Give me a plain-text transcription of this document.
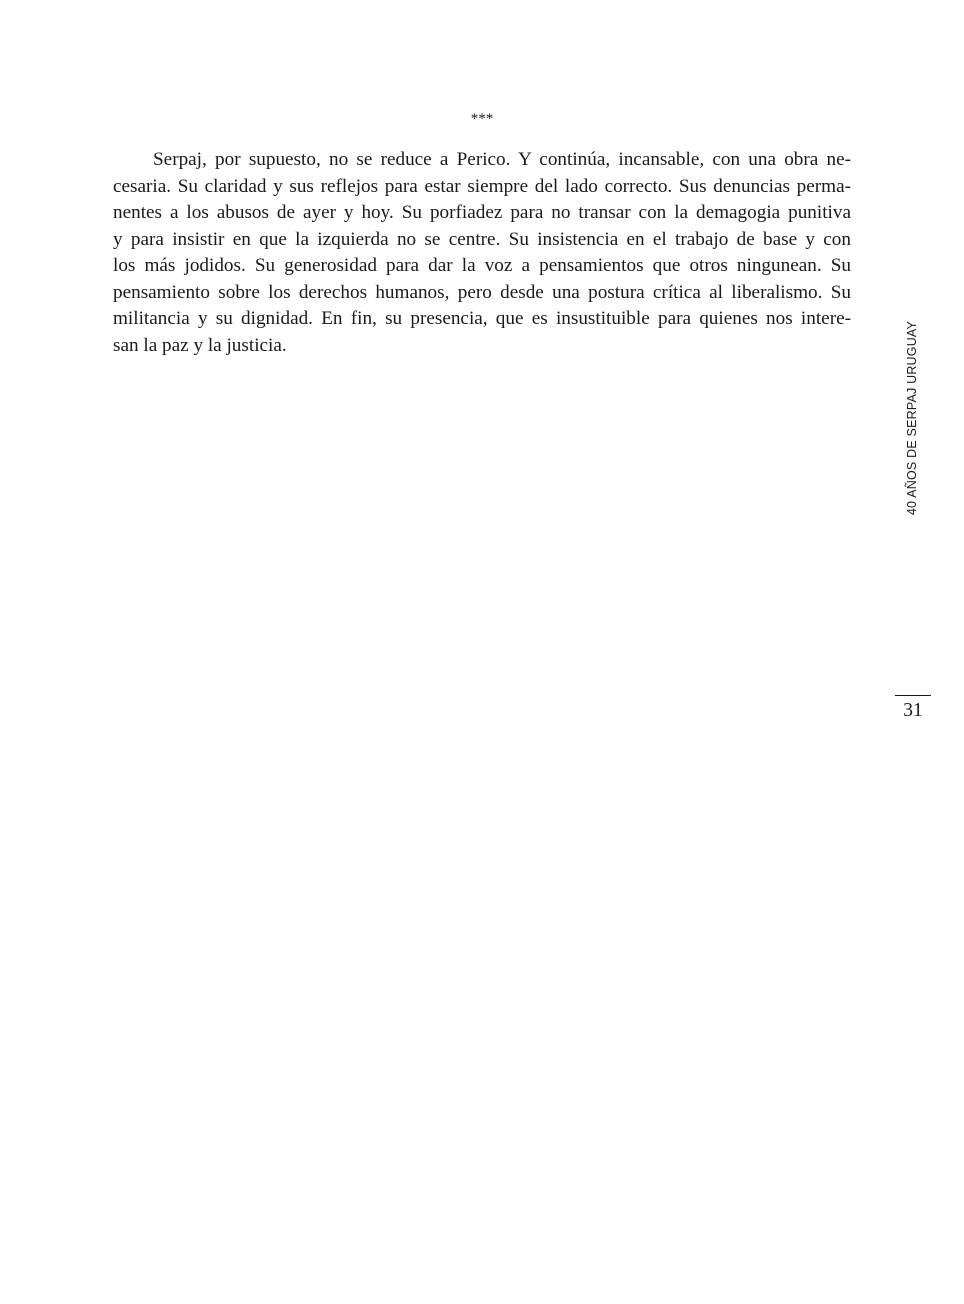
***
Serpaj, por supuesto, no se reduce a Perico. Y continúa, incansable, con una obra ne-
cesaria. Su claridad y sus reflejos para estar siempre del lado correcto. Sus denuncias perma-
nentes a los abusos de ayer y hoy. Su porfiadez para no transar con la demagogia punitiva
y para insistir en que la izquierda no se centre. Su insistencia en el trabajo de base y con
los más jodidos. Su generosidad para dar la voz a pensamientos que otros ningunean. Su
pensamiento sobre los derechos humanos, pero desde una postura crítica al liberalismo. Su
militancia y su dignidad. En fin, su presencia, que es insustituible para quienes nos intere-
san la paz y la justicia.	40 AÑOS DE SERPAJ URUGUAY
31
